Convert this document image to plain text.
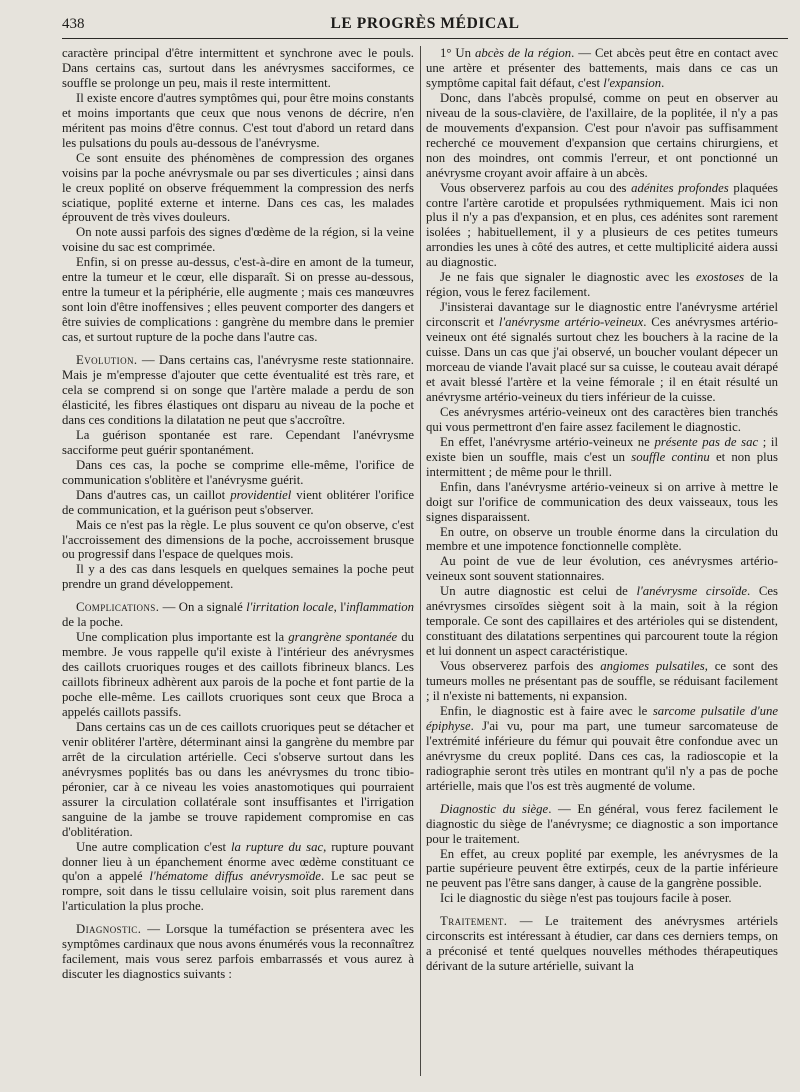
438	LE PROGRÈS MÉDICAL

caractère principal d'être intermittent et synchrone avec le pouls. Dans certains cas, surtout dans les anévrysmes sacciformes, ce souffle se prolonge un peu, mais il reste intermittent.

Il existe encore d'autres symptômes qui, pour être moins constants et moins importants que ceux que nous venons de décrire, n'en méritent pas moins d'être connus. C'est tout d'abord un retard dans les pulsations du pouls au-dessous de l'anévrysme.

Ce sont ensuite des phénomènes de compression des organes voisins par la poche anévrysmale ou par ses diverticules ; ainsi dans le creux poplité on observe fréquemment la compression des nerfs sciatique, poplité externe et interne. Dans ces cas, les malades éprouvent de très vives douleurs.

On note aussi parfois des signes d'œdème de la région, si la veine voisine du sac est comprimée.

Enfin, si on presse au-dessus, c'est-à-dire en amont de la tumeur, entre la tumeur et le cœur, elle disparaît. Si on presse au-dessous, entre la tumeur et la périphérie, elle augmente ; mais ces manœuvres sont loin d'être inoffensives ; elles peuvent comporter des dangers et être suivies de complications : gangrène du membre dans le premier cas, et surtout rupture de la poche dans l'autre cas.

Evolution. — Dans certains cas, l'anévrysme reste stationnaire. Mais je m'empresse d'ajouter que cette éventualité est très rare, et cela se comprend si on songe que l'artère malade a perdu de son élasticité, les fibres élastiques ont disparu au niveau de la poche et dans ces conditions la dilatation ne peut que s'accroître.

La guérison spontanée est rare. Cependant l'anévrysme sacciforme peut guérir spontanément.

Dans ces cas, la poche se comprime elle-même, l'orifice de communication s'oblitère et l'anévrysme guérit.

Dans d'autres cas, un caillot providentiel vient oblitérer l'orifice de communication, et la guérison peut s'observer.

Mais ce n'est pas la règle. Le plus souvent ce qu'on observe, c'est l'accroissement des dimensions de la poche, accroissement brusque ou progressif dans l'espace de quelques mois.

Il y a des cas dans lesquels en quelques semaines la poche peut prendre un grand développement.

Complications. — On a signalé l'irritation locale, l'inflammation de la poche.

Une complication plus importante est la grangrène spontanée du membre. Je vous rappelle qu'il existe à l'intérieur des anévrysmes des caillots cruoriques rouges et des caillots fibrineux blancs. Les caillots fibrineux adhèrent aux parois de la poche et font partie de la poche elle-même. Les caillots cruoriques sont ceux que Broca a appelés caillots passifs.

Dans certains cas un de ces caillots cruoriques peut se détacher et venir oblitérer l'artère, déterminant ainsi la gangrène du membre par arrêt de la circulation artérielle. Ceci s'observe surtout dans les anévrysmes poplités bas ou dans les anévrysmes du tronc tibio-péronier, car à ce niveau les voies anastomotiques qui pourraient assurer la circulation collatérale sont insuffisantes et l'irrigation sanguine de la jambe se trouve rapidement compromise en cas d'oblitération.

Une autre complication c'est la rupture du sac, rupture pouvant donner lieu à un épanchement énorme avec œdème constituant ce qu'on a appelé l'hématome diffus anévrysmoïde. Le sac peut se rompre, soit dans le tissu cellulaire voisin, soit plus rarement dans l'articulation la plus proche.

Diagnostic. — Lorsque la tuméfaction se présentera avec les symptômes cardinaux que nous avons énumérés vous la reconnaîtrez facilement, mais vous serez parfois embarrassés et vous aurez à discuter les diagnostics suivants :

1° Un abcès de la région. — Cet abcès peut être en contact avec une artère et présenter des battements, mais dans ce cas un symptôme capital fait défaut, c'est l'expansion.

Donc, dans l'abcès propulsé, comme on peut en observer au niveau de la sous-clavière, de l'axillaire, de la poplitée, il n'y a pas de mouvements d'expansion. C'est pour n'avoir pas suffisamment recherché ce mouvement d'expansion que certains chirurgiens, et non des moindres, ont commis l'erreur, et ont ponctionné un anévrysme croyant avoir affaire à un abcès.

Vous observerez parfois au cou des adénites profondes plaquées contre l'artère carotide et propulsées rythmiquement. Mais ici non plus il n'y a pas d'expansion, et en plus, ces adénites sont rarement isolées ; habituellement, il y a plusieurs de ces petites tumeurs arrondies les unes à côté des autres, et cette multiplicité aidera aussi au diagnostic.

Je ne fais que signaler le diagnostic avec les exostoses de la région, vous le ferez facilement.

J'insisterai davantage sur le diagnostic entre l'anévrysme artériel circonscrit et l'anévrysme artério-veineux. Ces anévrysmes artério-veineux ont été signalés surtout chez les bouchers à la racine de la cuisse. Dans un cas que j'ai observé, un boucher voulant dépecer un morceau de viande l'avait placé sur sa cuisse, le couteau avait dérapé et avait blessé l'artère et la veine fémorale ; il en était résulté un anévrysme artério-veineux du tiers inférieur de la cuisse.

Ces anévrysmes artério-veineux ont des caractères bien tranchés qui vous permettront d'en faire assez facilement le diagnostic.

En effet, l'anévrysme artério-veineux ne présente pas de sac ; il existe bien un souffle, mais c'est un souffle continu et non plus intermittent ; de même pour le thrill.

Enfin, dans l'anévrysme artério-veineux si on arrive à mettre le doigt sur l'orifice de communication des deux vaisseaux, tous les signes disparaissent.

En outre, on observe un trouble énorme dans la circulation du membre et une impotence fonctionnelle complète.

Au point de vue de leur évolution, ces anévrysmes artério-veineux sont souvent stationnaires.

Un autre diagnostic est celui de l'anévrysme cirsoïde. Ces anévrysmes cirsoïdes siègent soit à la main, soit à la région temporale. Ce sont des capillaires et des artérioles qui se distendent, constituant des dilatations serpentines qui parcourent toute la région et lui donnent un aspect caractéristique.

Vous observerez parfois des angiomes pulsatiles, ce sont des tumeurs molles ne présentant pas de souffle, se réduisant facilement ; il n'existe ni battements, ni expansion.

Enfin, le diagnostic est à faire avec le sarcome pulsatile d'une épiphyse. J'ai vu, pour ma part, une tumeur sarcomateuse de l'extrémité inférieure du fémur qui pouvait être confondue avec un anévrysme du creux poplité. Dans ces cas, la radioscopie et la radiographie seront très utiles en montrant qu'il n'y a pas de poche artérielle, mais que l'os est très augmenté de volume.

Diagnostic du siège. — En général, vous ferez facilement le diagnostic du siège de l'anévrysme; ce diagnostic a son importance pour le traitement.

En effet, au creux poplité par exemple, les anévrysmes de la partie supérieure peuvent être extirpés, ceux de la partie inférieure ne peuvent pas l'être sans danger, à cause de la gangrène possible.

Ici le diagnostic du siège n'est pas toujours facile à poser.

Traitement. — Le traitement des anévrysmes artériels circonscrits est intéressant à étudier, car dans ces derniers temps, on a préconisé et tenté quelques nouvelles méthodes thérapeutiques dérivant de la suture artérielle, suivant la
